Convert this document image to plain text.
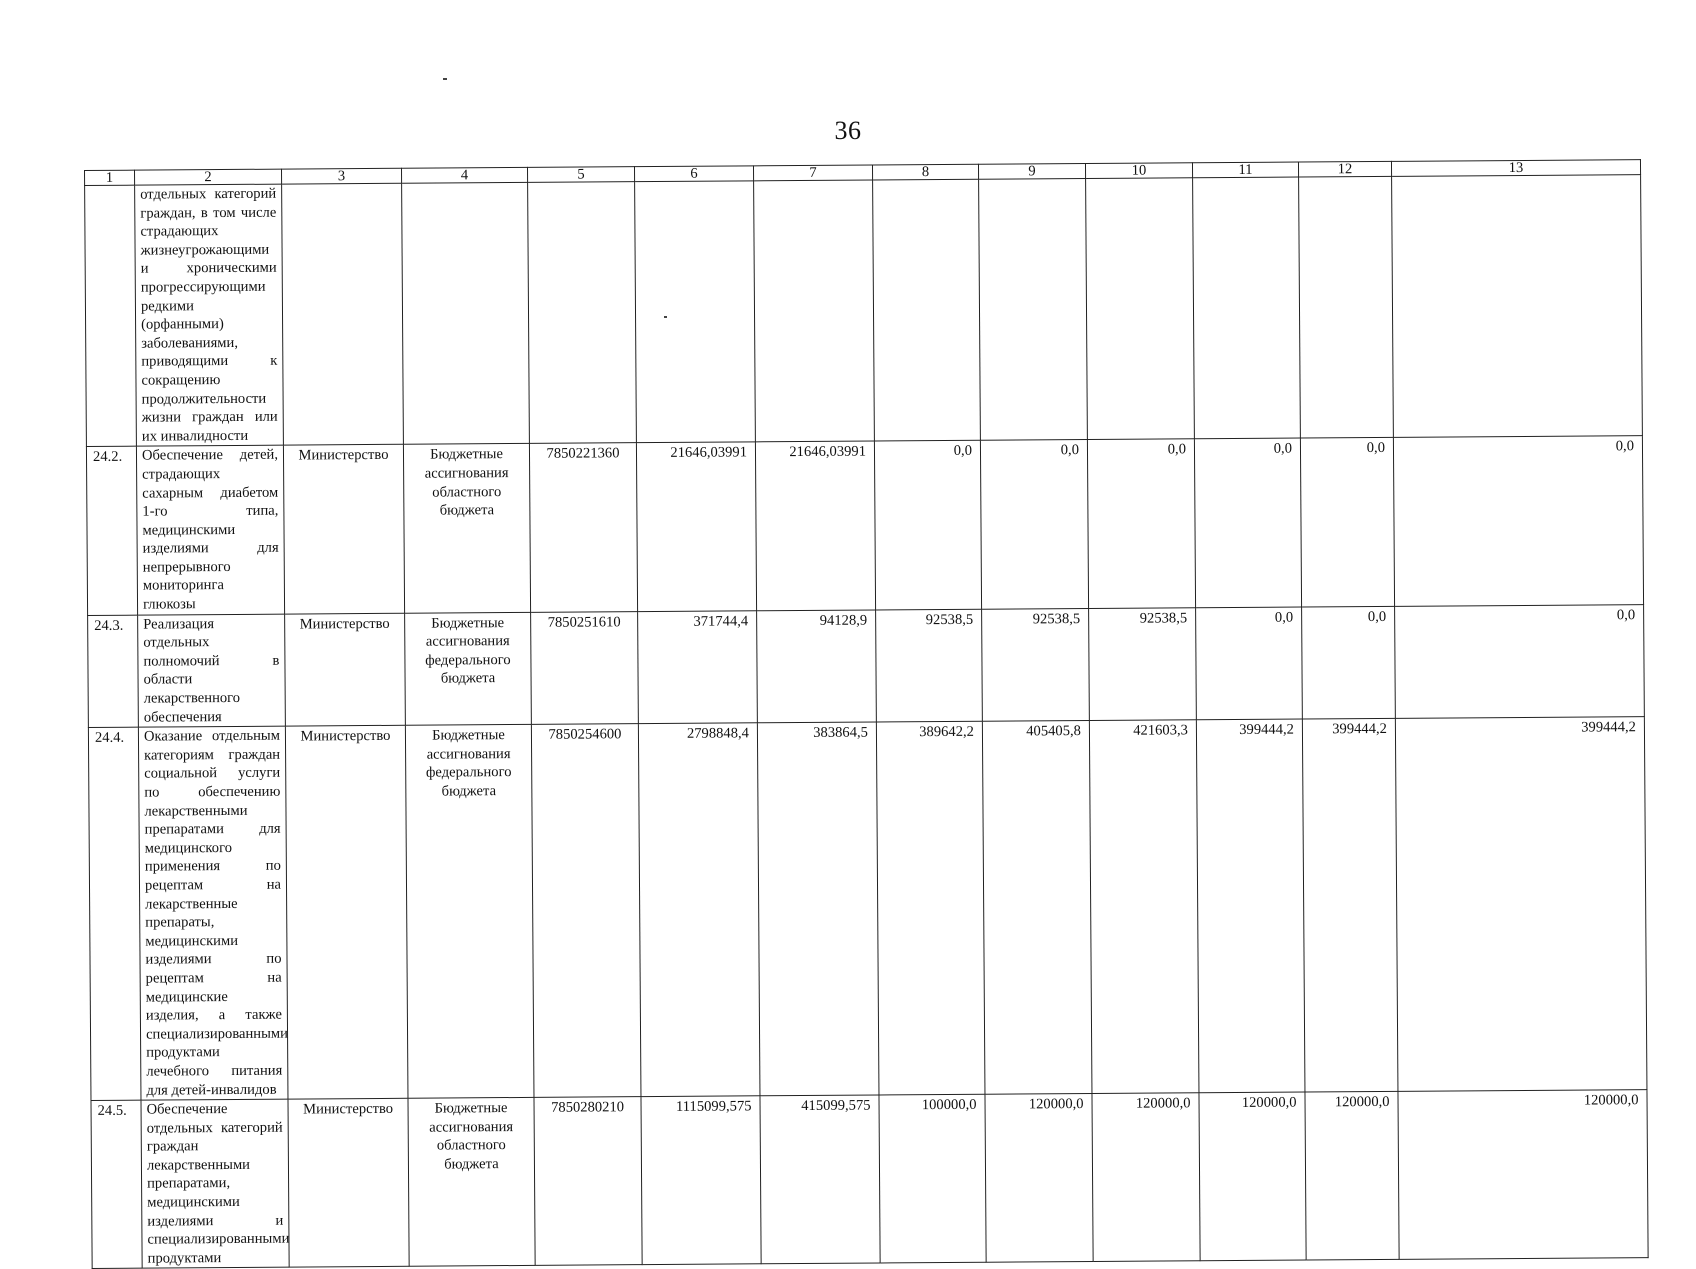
36
1	2	3	4	5	6	7	8	9	10	11	12	13
	отдельных категорий граждан, в том числе страдающих жизнеугрожающими и хроническими прогрессирующими редкими (орфанными) заболеваниями, приводящими к сокращению продолжительности жизни граждан или их инвалидности											
24.2.	Обеспечение детей, страдающих сахарным диабетом 1-го типа, медицинскими изделиями для непрерывного мониторинга глюкозы	Министерство	Бюджетные ассигнования областного бюджета	7850221360	21646,03991	21646,03991	0,0	0,0	0,0	0,0	0,0	0,0
24.3.	Реализация отдельных полномочий в области лекарственного обеспечения	Министерство	Бюджетные ассигнования федерального бюджета	7850251610	371744,4	94128,9	92538,5	92538,5	92538,5	0,0	0,0	0,0
24.4.	Оказание отдельным категориям граждан социальной услуги по обеспечению лекарственными препаратами для медицинского применения по рецептам на лекарственные препараты, медицинскими изделиями по рецептам на медицинские изделия, а также специализированными продуктами лечебного питания для детей-инвалидов	Министерство	Бюджетные ассигнования федерального бюджета	7850254600	2798848,4	383864,5	389642,2	405405,8	421603,3	399444,2	399444,2	399444,2
24.5.	Обеспечение отдельных категорий граждан лекарственными препаратами, медицинскими изделиями и специализированными продуктами	Министерство	Бюджетные ассигнования областного бюджета	7850280210	1115099,575	415099,575	100000,0	120000,0	120000,0	120000,0	120000,0	120000,0
